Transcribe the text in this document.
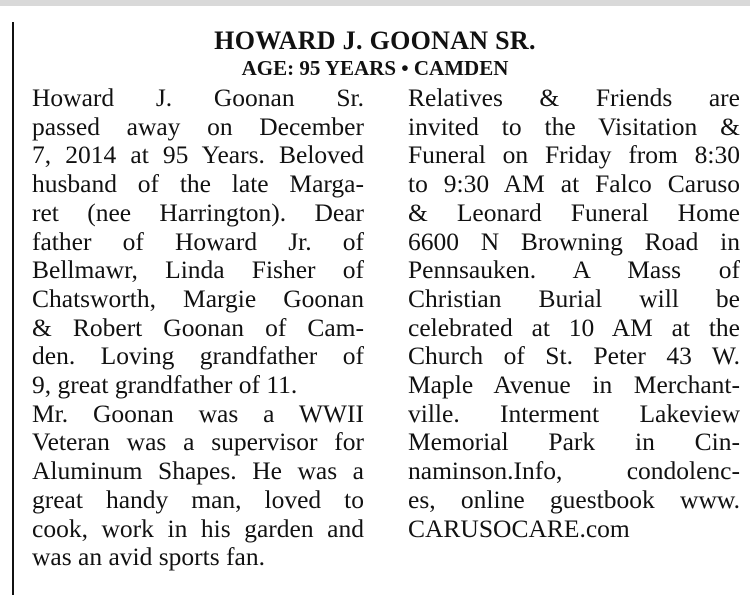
HOWARD J. GOONAN SR.
AGE: 95 YEARS • CAMDEN

Howard J. Goonan Sr.
passed away on December
7, 2014 at 95 Years. Beloved
husband of the late Marga-
ret (nee Harrington). Dear
father of Howard Jr. of
Bellmawr, Linda Fisher of
Chatsworth, Margie Goonan
& Robert Goonan of Cam-
den. Loving grandfather of
9, great grandfather of 11.

Mr. Goonan was a WWII
Veteran was a supervisor for
Aluminum Shapes. He was a
great handy man, loved to
cook, work in his garden and
was an avid sports fan.

Relatives & Friends are
invited to the Visitation &
Funeral on Friday from 8:30
to 9:30 AM at Falco Caruso
& Leonard Funeral Home
6600 N Browning Road in
Pennsauken. A Mass of
Christian Burial will be
celebrated at 10 AM at the
Church of St. Peter 43 W.
Maple Avenue in Merchant-
ville. Interment Lakeview
Memorial Park in Cin-
naminson.Info, condolenc-
es, online guestbook www.
CARUSOCARE.com
